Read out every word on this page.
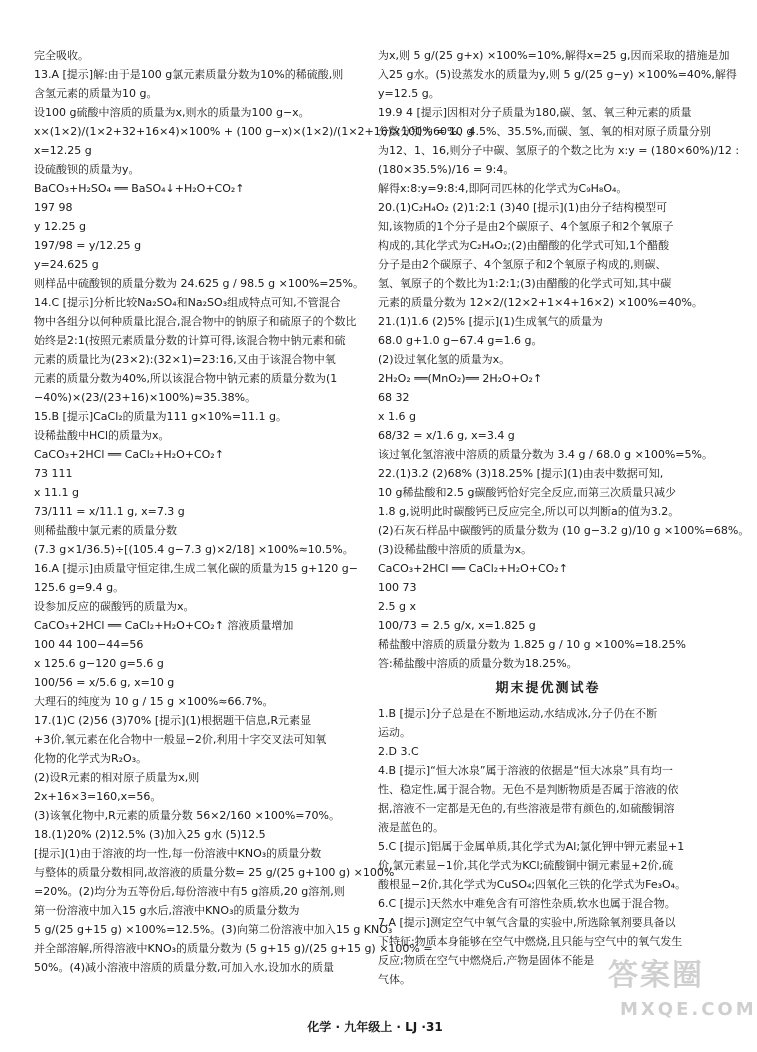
完全吸收。
13.A [提示]解:由于是100 g氯元素质量分数为10%的稀硫酸,则
含氢元素的质量为10 g。
设100 g硫酸中溶质的质量为x,则水的质量为100 g−x。
x×(1×2)/(1×2+32+16×4)×100% + (100 g−x)×(1×2)/(1×2+16)×100% = 10 g
x=12.25 g
设硫酸钡的质量为y。
BaCO₃+H₂SO₄ ══ BaSO₄↓+H₂O+CO₂↑
197 98
y 12.25 g
197/98 = y/12.25 g
y=24.625 g
则样品中硫酸钡的质量分数为 24.625 g / 98.5 g ×100%=25%。
14.C [提示]分析比较Na₂SO₄和Na₂SO₃组成特点可知,不管混合
物中各组分以何种质量比混合,混合物中的钠原子和硫原子的个数比
始终是2:1(按照元素质量分数的计算可得,该混合物中钠元素和硫
元素的质量比为(23×2):(32×1)=23:16,又由于该混合物中氧
元素的质量分数为40%,所以该混合物中钠元素的质量分数为(1
−40%)×(23/(23+16)×100%)≈35.38%。
15.B [提示]CaCl₂的质量为111 g×10%=11.1 g。
设稀盐酸中HCl的质量为x。
CaCO₃+2HCl ══ CaCl₂+H₂O+CO₂↑
73 111
x 11.1 g
73/111 = x/11.1 g, x=7.3 g
则稀盐酸中氯元素的质量分数
(7.3 g×1/36.5)÷[(105.4 g−7.3 g)×2/18] ×100%≈10.5%。
16.A [提示]由质量守恒定律,生成二氧化碳的质量为15 g+120 g−
125.6 g=9.4 g。
设参加反应的碳酸钙的质量为x。
CaCO₃+2HCl ══ CaCl₂+H₂O+CO₂↑ 溶液质量增加
100 44 100−44=56
x 125.6 g−120 g=5.6 g
100/56 = x/5.6 g, x=10 g
大理石的纯度为 10 g / 15 g ×100%≈66.7%。
17.(1)C (2)56 (3)70% [提示](1)根据题干信息,R元素显
+3价,氧元素在化合物中一般显−2价,利用十字交叉法可知氧
化物的化学式为R₂O₃。
(2)设R元素的相对原子质量为x,则
2x+16×3=160,x=56。
(3)该氧化物中,R元素的质量分数 56×2/160 ×100%=70%。
18.(1)20% (2)12.5% (3)加入25 g水 (5)12.5
[提示](1)由于溶液的均一性,每一份溶液中KNO₃的质量分数
与整体的质量分数相同,故溶液的质量分数= 25 g/(25 g+100 g) ×100%
=20%。(2)均分为五等份后,每份溶液中有5 g溶质,20 g溶剂,则
第一份溶液中加入15 g水后,溶液中KNO₃的质量分数为
5 g/(25 g+15 g) ×100%=12.5%。(3)向第二份溶液中加入15 g KNO₃
并全部溶解,所得溶液中KNO₃的质量分数为 (5 g+15 g)/(25 g+15 g) ×100% =
50%。(4)减小溶液中溶质的质量分数,可加入水,设加水的质量
为x,则 5 g/(25 g+x) ×100%=10%,解得x=25 g,因而采取的措施是加
入25 g水。(5)设蒸发水的质量为y,则 5 g/(25 g−y) ×100%=40%,解得
y=12.5 g。
19.9 4 [提示]因相对分子质量为180,碳、氢、氧三种元素的质量
分数分别为60%、4.5%、35.5%,而碳、氢、氧的相对原子质量分别
为12、1、16,则分子中碳、氢原子的个数之比为 x:y = (180×60%)/12 :
(180×35.5%)/16 = 9:4。
解得x:8:y=9:8:4,即阿司匹林的化学式为C₉H₈O₄。
20.(1)C₂H₄O₂ (2)1:2:1 (3)40 [提示](1)由分子结构模型可
知,该物质的1个分子是由2个碳原子、4个氢原子和2个氧原子
构成的,其化学式为C₂H₄O₂;(2)由醋酸的化学式可知,1个醋酸
分子是由2个碳原子、4个氢原子和2个氧原子构成的,则碳、
氢、氧原子的个数比为1:2:1;(3)由醋酸的化学式可知,其中碳
元素的质量分数为 12×2/(12×2+1×4+16×2) ×100%=40%。
21.(1)1.6 (2)5% [提示](1)生成氧气的质量为
68.0 g+1.0 g−67.4 g=1.6 g。
(2)设过氧化氢的质量为x。
2H₂O₂ ══(MnO₂)══ 2H₂O+O₂↑
68 32
x 1.6 g
68/32 = x/1.6 g, x=3.4 g
该过氧化氢溶液中溶质的质量分数为 3.4 g / 68.0 g ×100%=5%。
22.(1)3.2 (2)68% (3)18.25% [提示](1)由表中数据可知,
10 g稀盐酸和2.5 g碳酸钙恰好完全反应,而第三次质量只减少
1.8 g,说明此时碳酸钙已反应完全,所以可以判断a的值为3.2。
(2)石灰石样品中碳酸钙的质量分数为 (10 g−3.2 g)/10 g ×100%=68%。
(3)设稀盐酸中溶质的质量为x。
CaCO₃+2HCl ══ CaCl₂+H₂O+CO₂↑
100 73
2.5 g x
100/73 = 2.5 g/x, x=1.825 g
稀盐酸中溶质的质量分数为 1.825 g / 10 g ×100%=18.25%
答:稀盐酸中溶质的质量分数为18.25%。
期末提优测试卷
1.B [提示]分子总是在不断地运动,水结成冰,分子仍在不断
运动。
2.D 3.C
4.B [提示]“恒大冰泉”属于溶液的依据是“恒大冰泉”具有均一
性、稳定性,属于混合物。无色不是判断物质是否属于溶液的依
据,溶液不一定都是无色的,有些溶液是带有颜色的,如硫酸铜溶
液是蓝色的。
5.C [提示]铝属于金属单质,其化学式为Al;氯化钾中钾元素显+1
价,氯元素显−1价,其化学式为KCl;硫酸铜中铜元素显+2价,硫
酸根显−2价,其化学式为CuSO₄;四氧化三铁的化学式为Fe₃O₄。
6.C [提示]天然水中难免含有可溶性杂质,软水也属于混合物。
7.A [提示]测定空气中氧气含量的实验中,所选除氧剂要具备以
下特征:物质本身能够在空气中燃烧,且只能与空气中的氧气发生
反应;物质在空气中燃烧后,产物是固体不能是
气体。
化学 · 九年级上 · LJ ·31
答案圈
MXQE.COM
